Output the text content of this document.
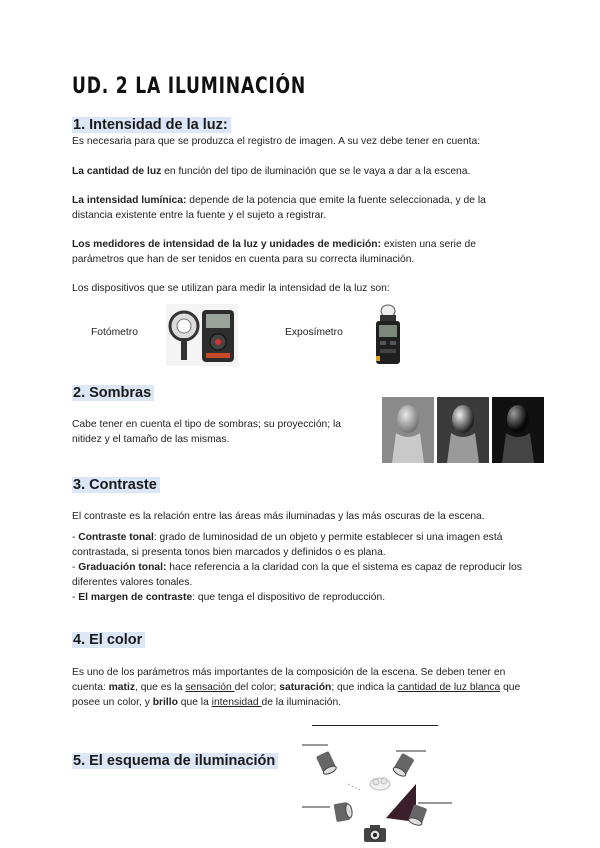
UD. 2 LA ILUMINACIÓN
1. Intensidad de la luz:

Es necesaria para que se produzca el registro de imagen. A su vez debe tener en cuenta:

La cantidad de luz en función del tipo de iluminación que se le vaya a dar a la escena.

La intensidad lumínica: depende de la potencia que emite la fuente seleccionada, y de la distancia existente entre la fuente y el sujeto a registrar.

Los medidores de intensidad de la luz y unidades de medición: existen una serie de parámetros que han de ser tenidos en cuenta para su correcta iluminación.

Los dispositivos que se utilizan para medir la intensidad de la luz son:

Fotómetro	Exposímetro
2. Sombras

Cabe tener en cuenta el tipo de sombras; su proyección; la nitidez y el tamaño de las mismas.

3. Contraste

El contraste es la relación entre las áreas más iluminadas y las más oscuras de la escena.

- Contraste tonal: grado de luminosidad de un objeto y permite establecer si una imagen está contrastada, si presenta tonos bien marcados y definidos o es plana.
- Graduación tonal: hace referencia a la claridad con la que el sistema es capaz de reproducir los diferentes valores tonales.
- El margen de contraste: que tenga el dispositivo de reproducción.
4. El color

Es uno de los parámetros más importantes de la composición de la escena. Se deben tener en cuenta: matiz, que es la sensación del color; saturación; que indica la cantidad de luz blanca que posee un color, y brillo que la intensidad de la iluminación.

5. El esquema de iluminación
